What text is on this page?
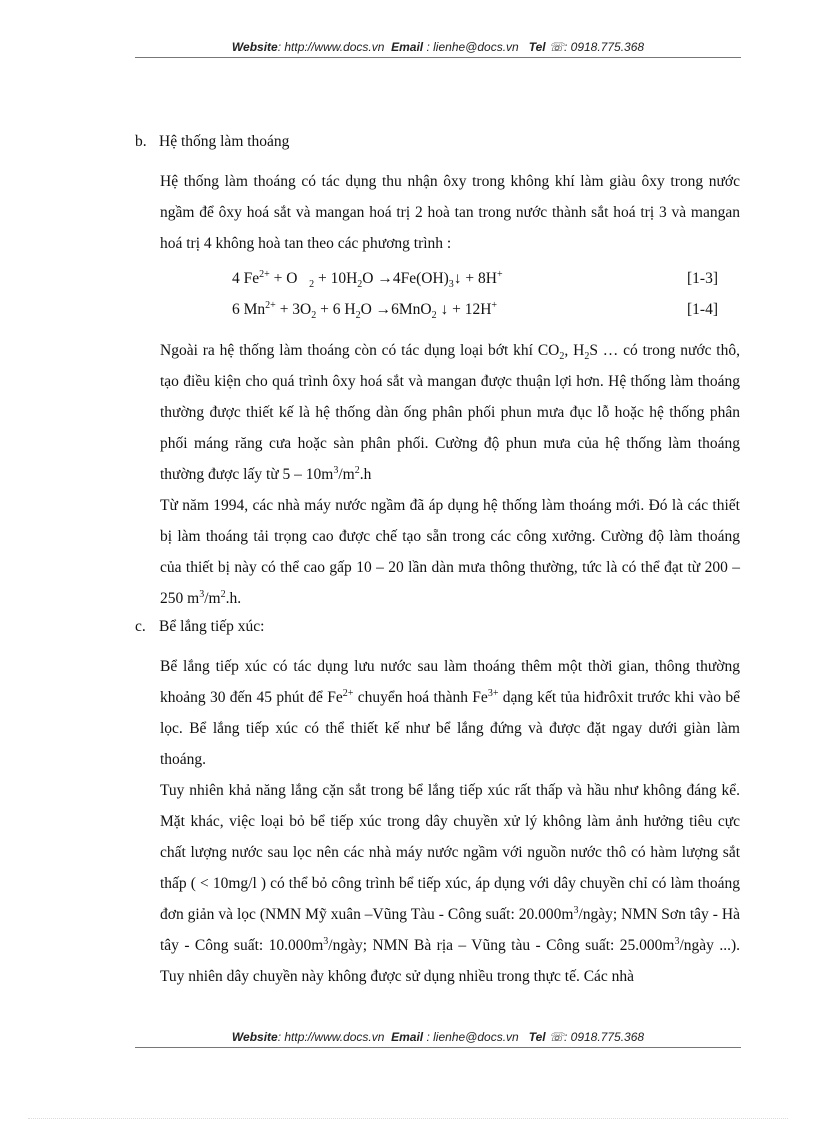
Website: http://www.docs.vn Email : lienhe@docs.vn Tel ☏: 0918.775.368
b. Hệ thống làm thoáng

Hệ thống làm thoáng có tác dụng thu nhận ôxy trong không khí làm giàu ôxy trong nước ngầm để ôxy hoá sắt và mangan hoá trị 2 hoà tan trong nước thành sắt hoá trị 3 và mangan hoá trị 4 không hoà tan theo các phương trình :

4 $Fe^{2+} + O$   $_2 + 10H_2O$ $\to 4Fe(OH)_3↓ + 8H^+$	[1-3]
6 $Mn^{2+} + 3O_2 + 6$ $H_2O \to 6MnO_2$ ↓ + 12H+	[1-4]

Ngoài ra hệ thống làm thoáng còn có tác dụng loại bớt khí $CO_2$, $H_2S$ … có trong nước thô, tạo điều kiện cho quá trình ôxy hoá sắt và mangan được thuận lợi hơn. Hệ thống làm thoáng thường được thiết kế là hệ thống dàn ống phân phối phun mưa đục lỗ hoặc hệ thống phân phối máng răng cưa hoặc sàn phân phối. Cường độ phun mưa của hệ thống làm thoáng thường được lấy từ $5 - 10m^3/m^2.h$

Từ năm 1994, các nhà máy nước ngầm đã áp dụng hệ thống làm thoáng mới. Đó là các thiết bị làm thoáng tải trọng cao được chế tạo sẵn trong các công xưởng. Cường độ làm thoáng của thiết bị này có thể cao gấp 10 – 20 lần dàn mưa thông thường, tức là có thể đạt từ 200 – 250 $m^3/m^2.h$.

c. Bể lắng tiếp xúc:

Bể lắng tiếp xúc có tác dụng lưu nước sau làm thoáng thêm một thời gian, thông thường khoảng 30 đến 45 phút để $Fe^{2+}$ chuyển hoá thành $Fe^{3+}$ dạng kết tủa hiđrôxit trước khi vào bể lọc. Bể lắng tiếp xúc có thể thiết kế như bể lắng đứng và được đặt ngay dưới giàn làm thoáng.

Tuy nhiên khả năng lắng cặn sắt trong bể lắng tiếp xúc rất thấp và hầu như không đáng kể. Mặt khác, việc loại bỏ bể tiếp xúc trong dây chuyền xử lý không làm ảnh hưởng tiêu cực chất lượng nước sau lọc nên các nhà máy nước ngầm với nguồn nước thô có hàm lượng sắt thấp ( < 10mg/l ) có thể bỏ công trình bể tiếp xúc, áp dụng với dây chuyền chỉ có làm thoáng đơn giản và lọc (NMN Mỹ xuân –Vũng Tàu - Công suất: $20.000m^3$/ngày; NMN Sơn tây - Hà tây - Công suất: $10.000m^3$/ngày; NMN Bà rịa – Vũng tàu - Công suất: $25.000m^3$/ngày ...). Tuy nhiên dây chuyền này không được sử dụng nhiều trong thực tế. Các nhà

Website: http://www.docs.vn Email : lienhe@docs.vn Tel ☏: 0918.775.368
